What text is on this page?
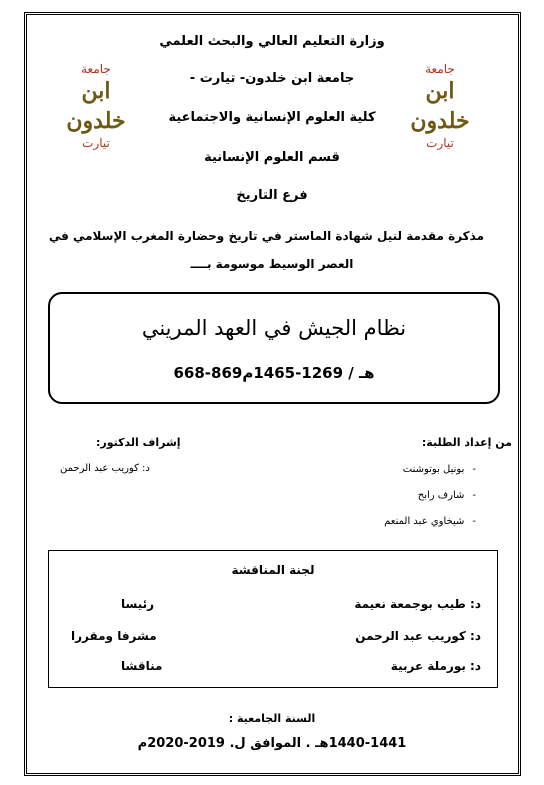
وزارة التعليم العالي والبحث العلمي
جامعة ابن خلدون- تيارت -
كلية العلوم الإنسانية والاجتماعية
قسم العلوم الإنسانية
فرع التاريخ
مذكرة مقدمة لنيل شهادة الماستر في تاريخ وحضارة المغرب الإسلامي في
العصر الوسيط موسومة بــــ
جامعة
ابن خلدون
تيارت
جامعة
ابن خلدون
تيارت
نظام الجيش في العهد المريني
668-869هـ / 1269-1465م
من إعداد الطلبة:
إشراف الدكتور:
-بونيل بوتوشنت
-شارف رابح
-شيخاوي عبد المنعم
د: كوريب عبد الرحمن
لجنة المناقشة
د: طيب بوجمعة نعيمة
رئيسا
د: كوريب عبد الرحمن
مشرفا ومقررا
د: بورملة عربية
مناقشا
السنة الجامعية :
1440-1441هـ . الموافق ل. 2019-2020م
